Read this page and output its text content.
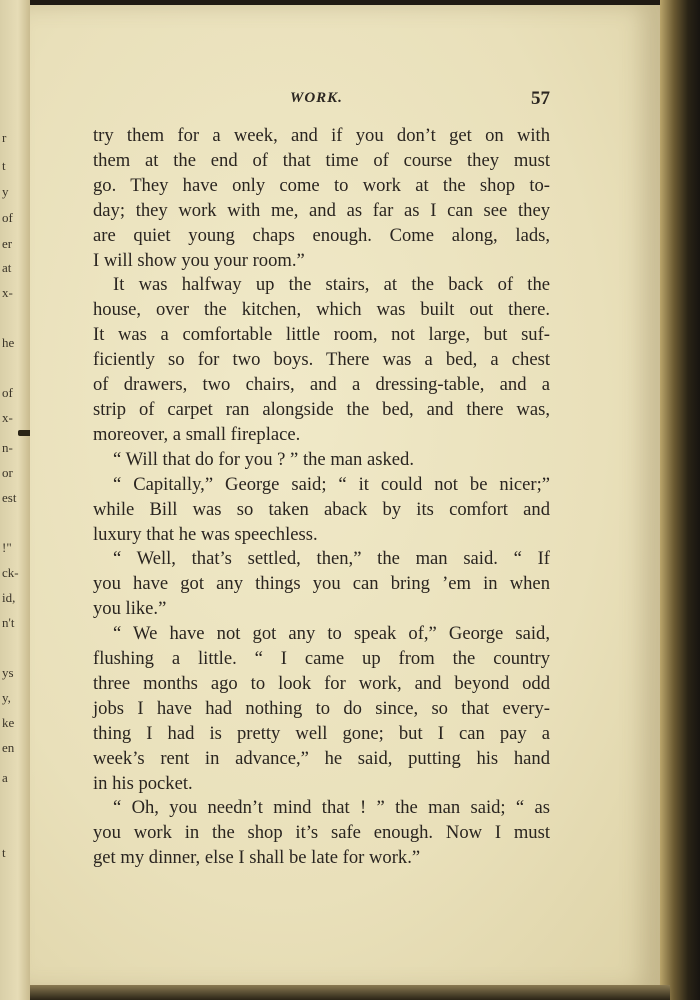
r
t
y
of
er
at
x-
he
of
x-
n-
or
est
!"
ck-
id,
n't
ys
y,
ke
en
a
t
WORK.	57

try them for a week, and if you don’t get on with
them at the end of that time of course they must
go. They have only come to work at the shop to-
day; they work with me, and as far as I can see they
are quiet young chaps enough. Come along, lads,
I will show you your room.”

It was halfway up the stairs, at the back of the
house, over the kitchen, which was built out there.
It was a comfortable little room, not large, but suf-
ficiently so for two boys. There was a bed, a chest
of drawers, two chairs, and a dressing-table, and a
strip of carpet ran alongside the bed, and there was,
moreover, a small fireplace.

“ Will that do for you ? ” the man asked.

“ Capitally,” George said; “ it could not be nicer;”
while Bill was so taken aback by its comfort and
luxury that he was speechless.

“ Well, that’s settled, then,” the man said. “ If
you have got any things you can bring ’em in when
you like.”

“ We have not got any to speak of,” George said,
flushing a little. “ I came up from the country
three months ago to look for work, and beyond odd
jobs I have had nothing to do since, so that every-
thing I had is pretty well gone; but I can pay a
week’s rent in advance,” he said, putting his hand
in his pocket.

“ Oh, you needn’t mind that ! ” the man said; “ as
you work in the shop it’s safe enough. Now I must
get my dinner, else I shall be late for work.”
